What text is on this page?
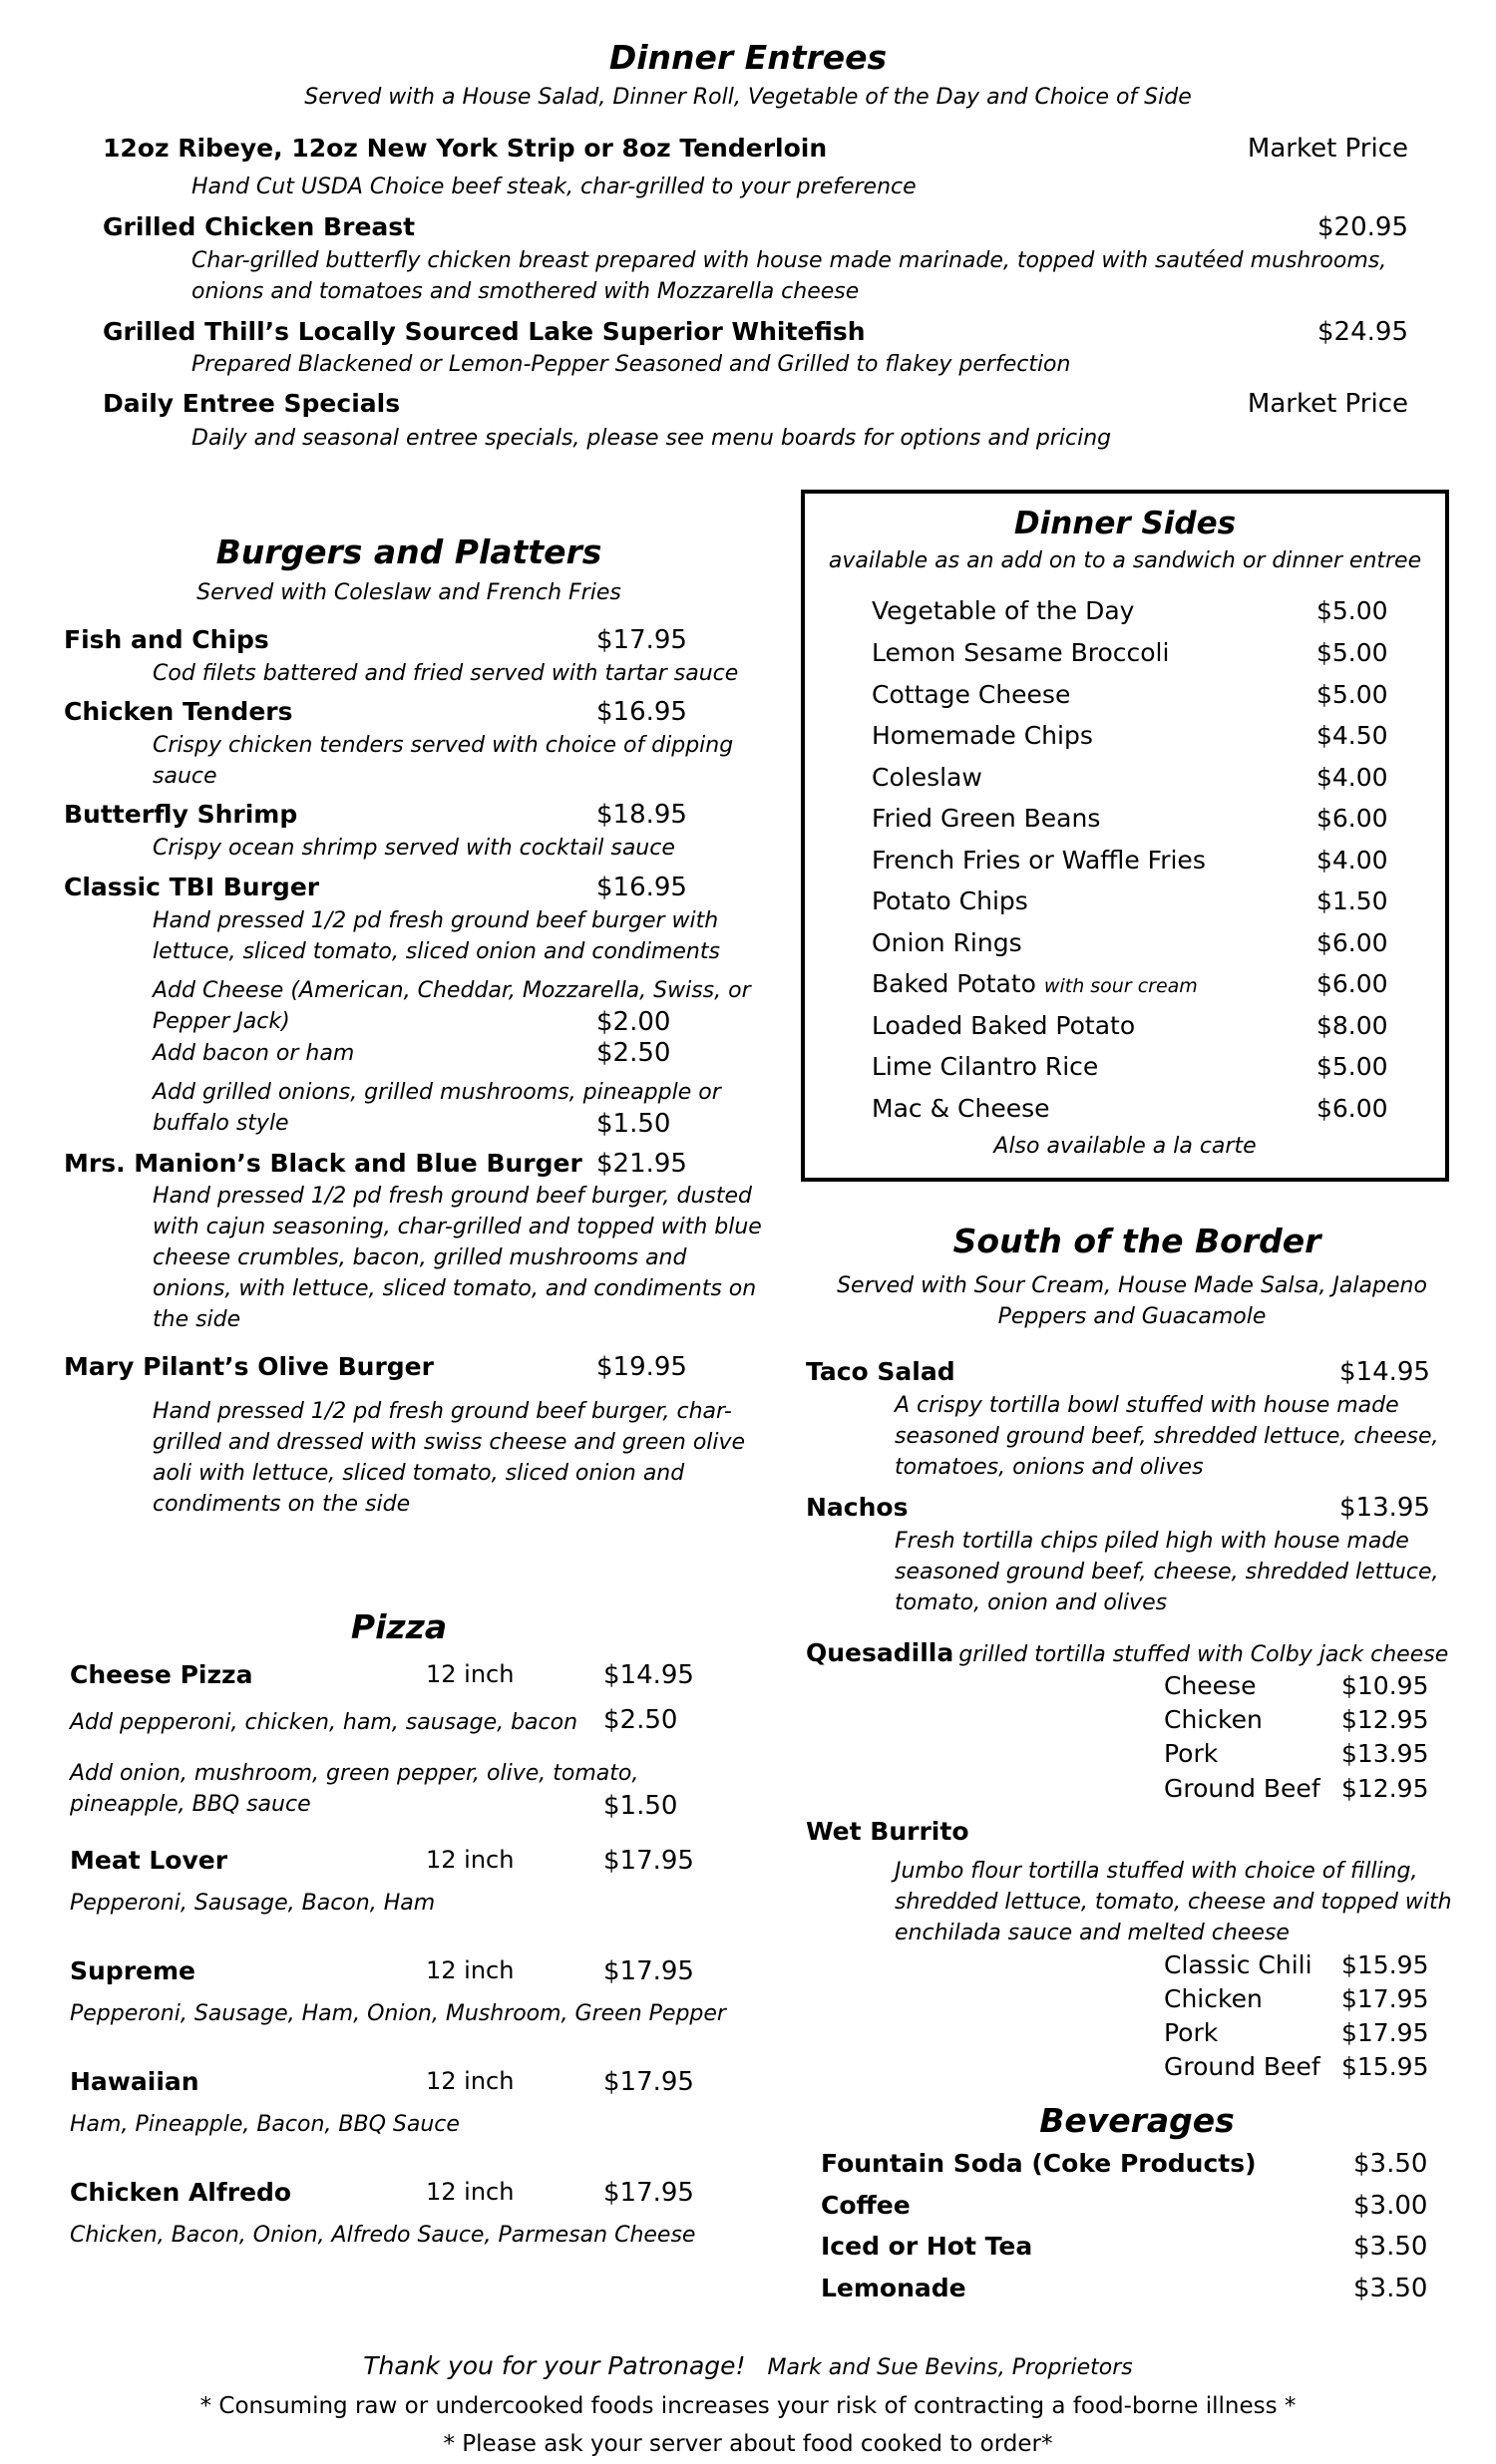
Dinner Entrees
Served with a House Salad, Dinner Roll, Vegetable of the Day and Choice of Side
12oz Ribeye, 12oz New York Strip or 8oz Tenderloin	Market Price
Hand Cut USDA Choice beef steak, char-grilled to your preference
Grilled Chicken Breast	$20.95
Char-grilled butterfly chicken breast prepared with house made marinade, topped with sautéed mushrooms, onions and tomatoes and smothered with Mozzarella cheese
Grilled Thill’s Locally Sourced Lake Superior Whitefish	$24.95
Prepared Blackened or Lemon-Pepper Seasoned and Grilled to flakey perfection
Daily Entree Specials	Market Price
Daily and seasonal entree specials, please see menu boards for options and pricing
Burgers and Platters
Served with Coleslaw and French Fries
Fish and Chips	$17.95
Cod filets battered and fried served with tartar sauce
Chicken Tenders	$16.95
Crispy chicken tenders served with choice of dipping sauce
Butterfly Shrimp	$18.95
Crispy ocean shrimp served with cocktail sauce
Classic TBI Burger	$16.95
Hand pressed 1/2 pd fresh ground beef burger with lettuce, sliced tomato, sliced onion and condiments
Add Cheese (American, Cheddar, Mozzarella, Swiss, or Pepper Jack)	$2.00
Add bacon or ham	$2.50
Add grilled onions, grilled mushrooms, pineapple or buffalo style	$1.50
Mrs. Manion’s Black and Blue Burger $21.95
Hand pressed 1/2 pd fresh ground beef burger, dusted with cajun seasoning, char-grilled and topped with blue cheese crumbles, bacon, grilled mushrooms and onions, with lettuce, sliced tomato, and condiments on the side
Mary Pilant’s Olive Burger	$19.95
Hand pressed 1/2 pd fresh ground beef burger, char-grilled and dressed with swiss cheese and green olive aoli with lettuce, sliced tomato, sliced onion and condiments on the side
Pizza
Cheese Pizza	12 inch	$14.95
Add pepperoni, chicken, ham, sausage, bacon $2.50
Add onion, mushroom, green pepper, olive, tomato, pineapple, BBQ sauce	$1.50
Meat Lover	12 inch	$17.95
Pepperoni, Sausage, Bacon, Ham
Supreme	12 inch	$17.95
Pepperoni, Sausage, Ham, Onion, Mushroom, Green Pepper
Hawaiian	12 inch	$17.95
Ham, Pineapple, Bacon, BBQ Sauce
Chicken Alfredo	12 inch	$17.95
Chicken, Bacon, Onion, Alfredo Sauce, Parmesan Cheese
Dinner Sides
available as an add on to a sandwich or dinner entree
Vegetable of the Day	$5.00
Lemon Sesame Broccoli	$5.00
Cottage Cheese	$5.00
Homemade Chips	$4.50
Coleslaw	$4.00
Fried Green Beans	$6.00
French Fries or Waffle Fries	$4.00
Potato Chips	$1.50
Onion Rings	$6.00
Baked Potato with sour cream	$6.00
Loaded Baked Potato	$8.00
Lime Cilantro Rice	$5.00
Mac & Cheese	$6.00
Also available a la carte
South of the Border
Served with Sour Cream, House Made Salsa, Jalapeno Peppers and Guacamole
Taco Salad	$14.95
A crispy tortilla bowl stuffed with house made seasoned ground beef, shredded lettuce, cheese, tomatoes, onions and olives
Nachos	$13.95
Fresh tortilla chips piled high with house made seasoned ground beef, cheese, shredded lettuce, tomato, onion and olives
Quesadilla grilled tortilla stuffed with Colby jack cheese
Cheese	$10.95
Chicken	$12.95
Pork	$13.95
Ground Beef $12.95
Wet Burrito
Jumbo flour tortilla stuffed with choice of filling, shredded lettuce, tomato, cheese and topped with enchilada sauce and melted cheese
Classic Chili $15.95
Chicken	$17.95
Pork	$17.95
Ground Beef $15.95
Beverages
Fountain Soda (Coke Products)	$3.50
Coffee	$3.00
Iced or Hot Tea	$3.50
Lemonade	$3.50
Thank you for your Patronage! Mark and Sue Bevins, Proprietors
* Consuming raw or undercooked foods increases your risk of contracting a food-borne illness *
* Please ask your server about food cooked to order*
